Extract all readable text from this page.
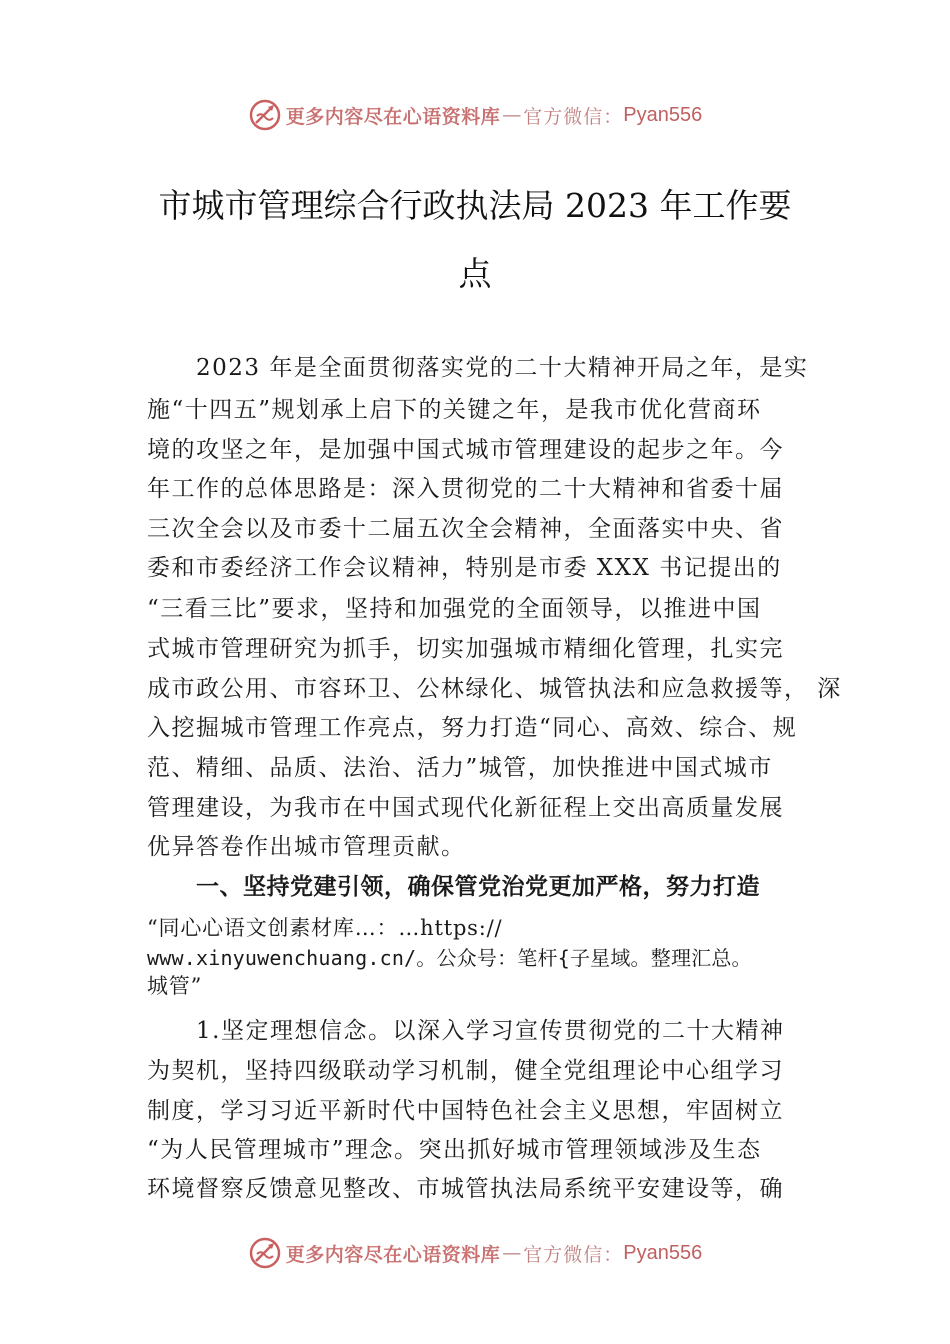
更多内容尽在心语资料库 — 官方微信： Pyan556
市城市管理综合行政执法局 2023 年工作要
点
2023 年是全面贯彻落实党的二十大精神开局之年，是实
施“十四五”规划承上启下的关键之年，是我市优化营商环
境的攻坚之年，是加强中国式城市管理建设的起步之年。今
年工作的总体思路是：深入贯彻党的二十大精神和省委十届
三次全会以及市委十二届五次全会精神，全面落实中央、省
委和市委经济工作会议精神，特别是市委 XXX 书记提出的
“三看三比”要求，坚持和加强党的全面领导，以推进中国
式城市管理研究为抓手，切实加强城市精细化管理，扎实完
成市政公用、市容环卫、公林绿化、城管执法和应急救援等， 深
入挖掘城市管理工作亮点，努力打造“同心、高效、综合、规
范、精细、品质、法治、活力”城管，加快推进中国式城市
管理建设，为我市在中国式现代化新征程上交出高质量发展
优异答卷作出城市管理贡献。
一、坚持党建引领，确保管党治党更加严格，努力打造
“同心心语文创素材库…：…https://
www.xinyuwenchuang.cn/。公众号：笔杆{子星域。整理汇总。
城管”
1.坚定理想信念。以深入学习宣传贯彻党的二十大精神
为契机，坚持四级联动学习机制，健全党组理论中心组学习
制度，学习习近平新时代中国特色社会主义思想，牢固树立
“为人民管理城市”理念。突出抓好城市管理领域涉及生态
环境督察反馈意见整改、市城管执法局系统平安建设等，确
更多内容尽在心语资料库 — 官方微信： Pyan556
